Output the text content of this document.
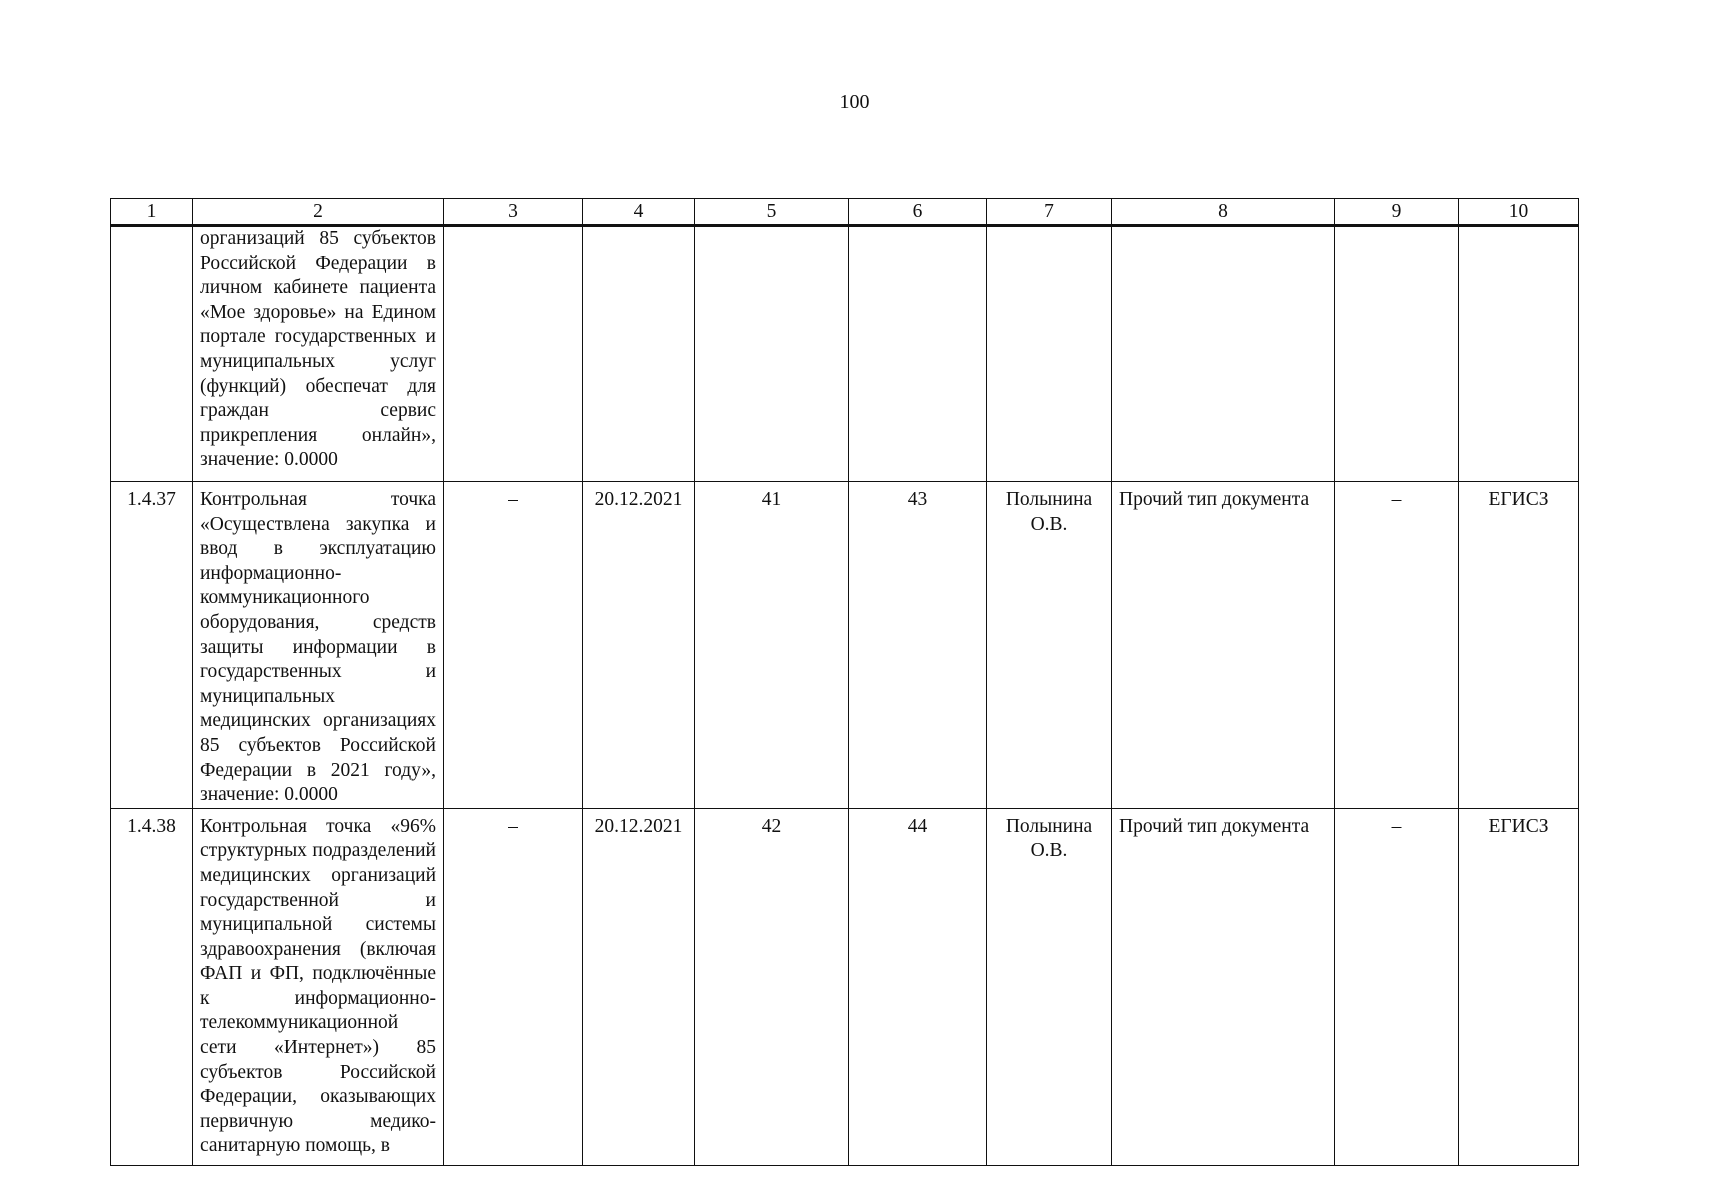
100
1	2	3	4	5	6	7	8	9	10

	организаций 85 субъектов Российской Федерации в личном кабинете пациента «Мое здоровье» на Едином портале государственных и муниципальных услуг (функций) обеспечат для граждан сервис прикрепления онлайн», значение: 0.0000								

1.4.37	Контрольная точка «Осуществлена закупка и ввод в эксплуатацию информационно-коммуникационного оборудования, средств защиты информации в государственных и муниципальных медицинских организациях 85 субъектов Российской Федерации в 2021 году», значение: 0.0000	–	20.12.2021	41	43	Полынина О.В.	Прочий тип документа	–	ЕГИСЗ
1.4.38	Контрольная точка «96% структурных подразделений медицинских организаций государственной и муниципальной системы здравоохранения (включая ФАП и ФП, подключённые к информационно-телекоммуникационной сети «Интернет») 85 субъектов Российской Федерации, оказывающих первичную медико-санитарную помощь, в	–	20.12.2021	42	44	Полынина О.В.	Прочий тип документа	–	ЕГИСЗ
